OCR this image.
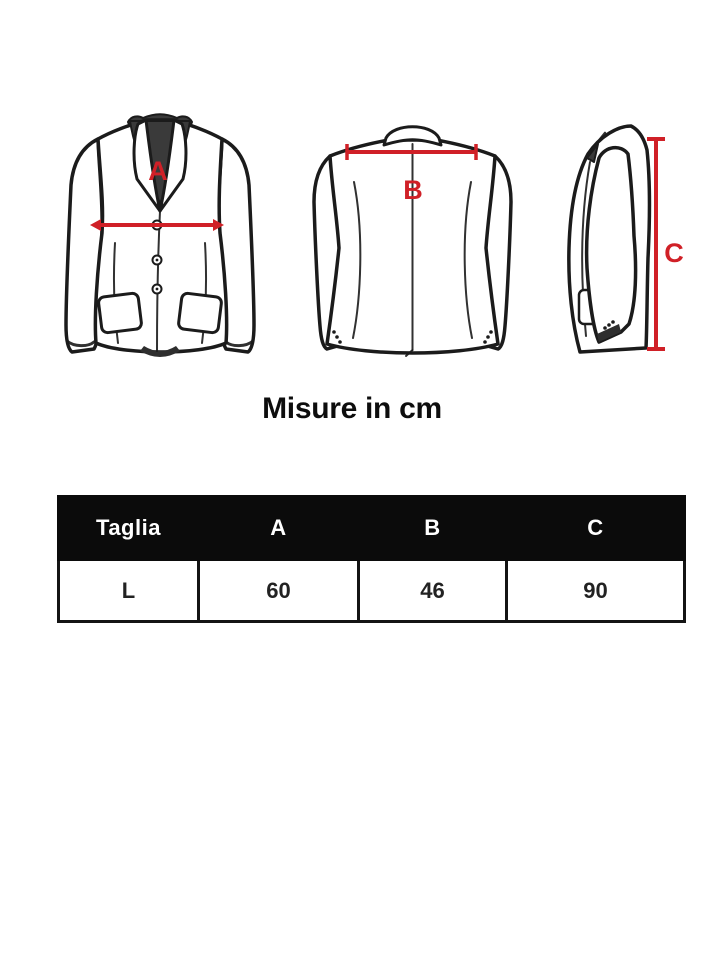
A
B
C
Misure in cm
Taglia	A	B	C
L	60	46	90
